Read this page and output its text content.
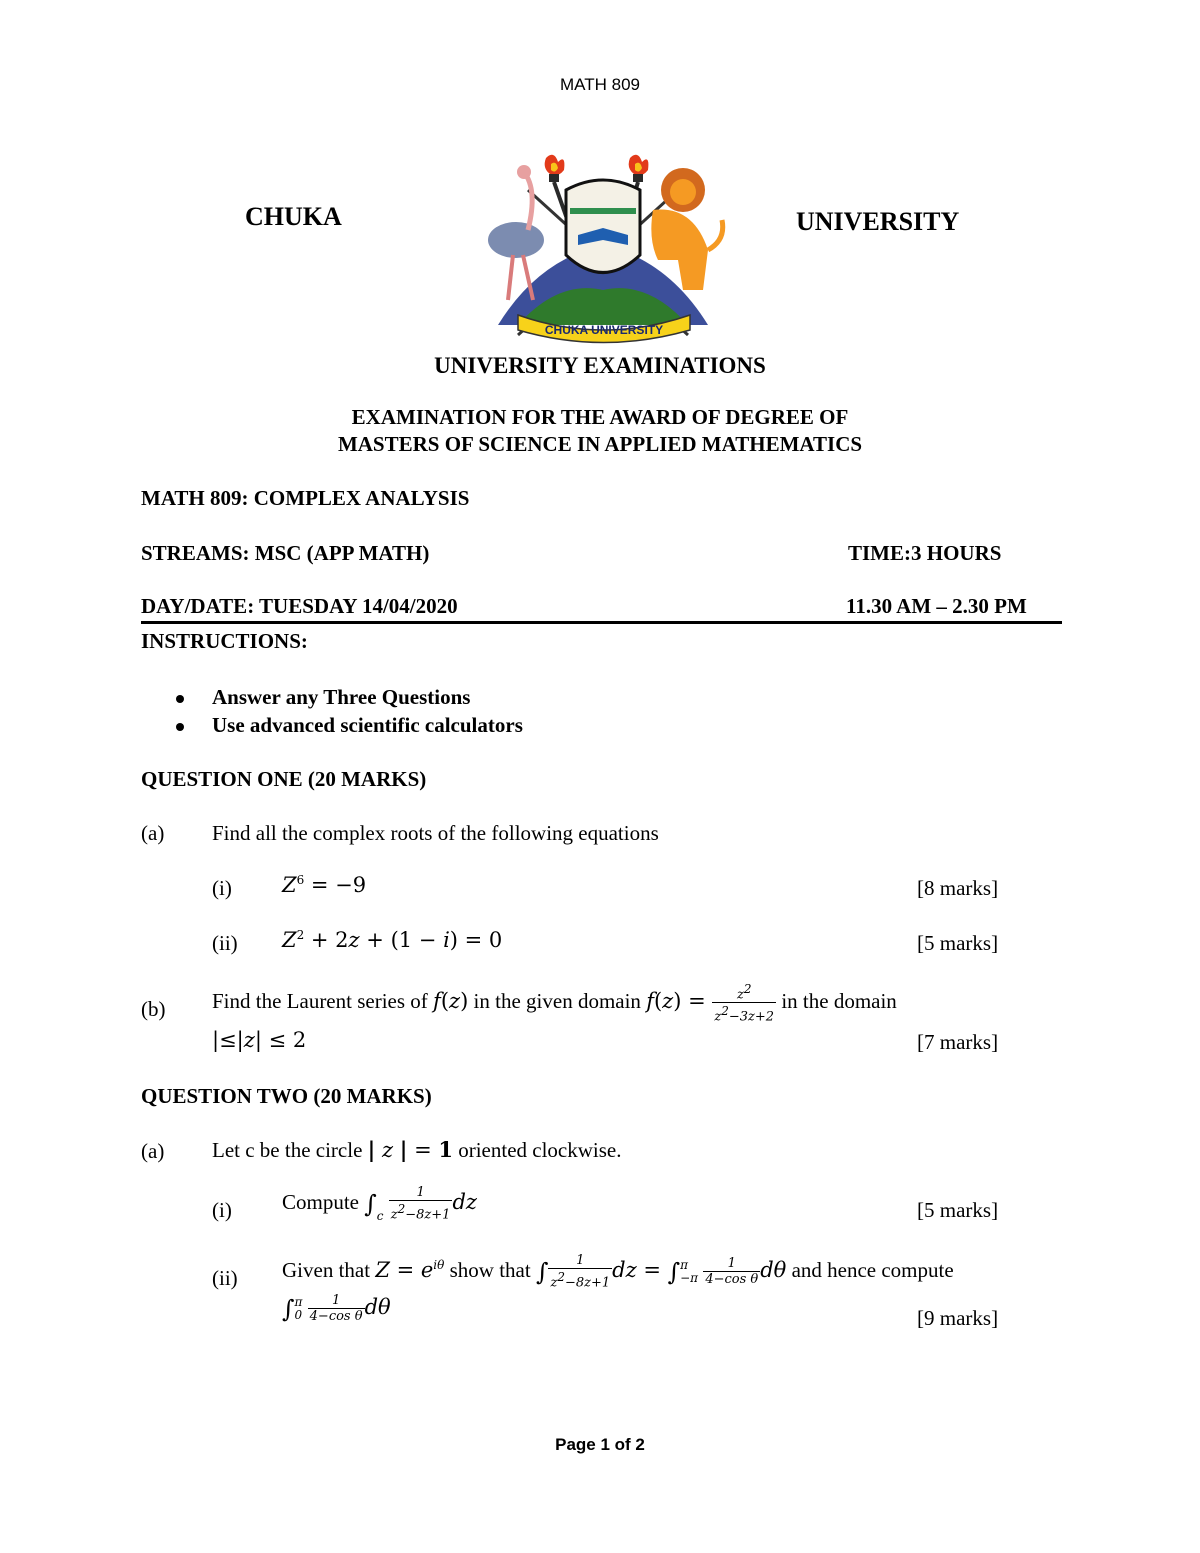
MATH 809
CHUKA	UNIVERSITY
CHUKA UNIVERSITY
UNIVERSITY EXAMINATIONS
EXAMINATION FOR THE AWARD OF DEGREE OF
MASTERS OF SCIENCE IN APPLIED MATHEMATICS
MATH 809: COMPLEX ANALYSIS
STREAMS: MSC (APP MATH)	TIME:3 HOURS
DAY/DATE: TUESDAY 14/04/2020	11.30 AM – 2.30 PM
INSTRUCTIONS:
Answer any Three Questions
Use advanced scientific calculators
QUESTION ONE (20 MARKS)
(a) Find all the complex roots of the following equations
(i) $Z^6 = -9$	[8 marks]
(ii) $Z^2 + 2z + (1 - i) = 0$	[5 marks]
(b) Find the Laurent series of f(z) in the given domain $f(z) = \frac{z^2}{z^2-3z+2}$ in the domain
|≤|z| ≤ 2	[7 marks]
QUESTION TWO (20 MARKS)
(a) Let c be the circle | z | = 1 oriented clockwise.
(i) Compute $\int_c \frac{1}{z^2-8z+1}$ dz	[5 marks]
(ii) Given that $Z = e^{i\theta}$ show that ∫ $\frac{1}{z^2-8z+1}$ dz = ∫ π
−π
$\frac{1}{\text{4−cos θ}}$ dθ and hence compute
∫ π
0
$\frac{1}{\text{4−cos θ}}$ dθ	[9 marks]
Page 1 of 2
